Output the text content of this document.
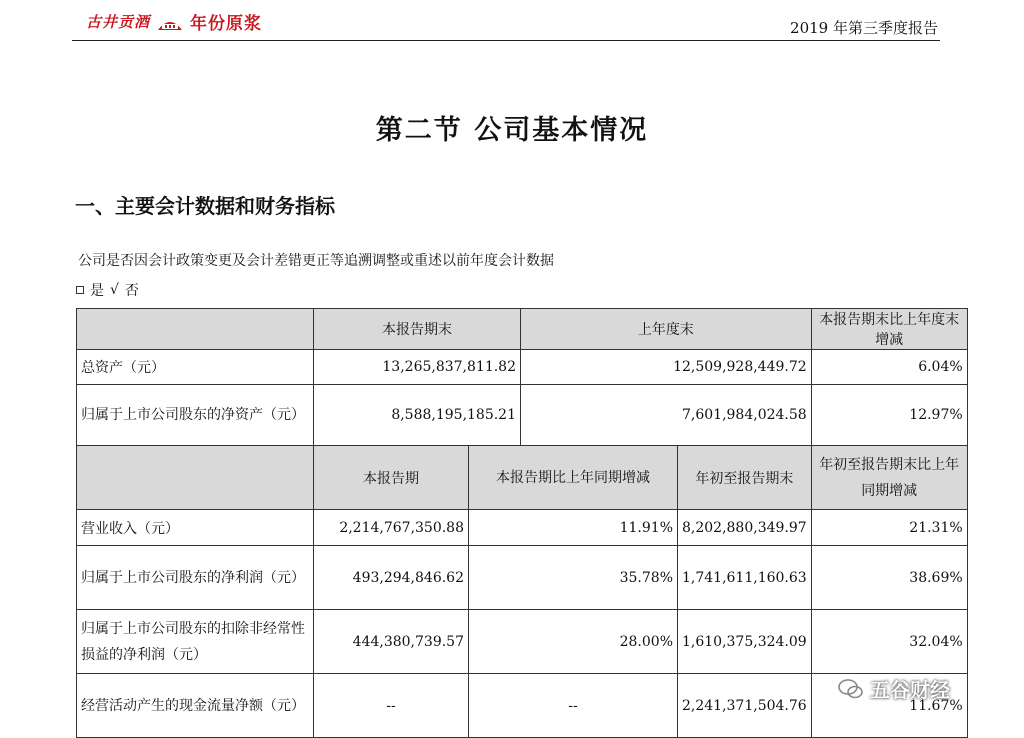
古井贡酒 年份原浆	2019 年第三季度报告
第二节 公司基本情况
一、主要会计数据和财务指标
公司是否因会计政策变更及会计差错更正等追溯调整或重述以前年度会计数据
是 √ 否
	本报告期末		上年度末		本报告期末比上年度末增减
总资产（元）	13,265,837,811.82		12,509,928,449.72		6.04%
归属于上市公司股东的净资产（元）	8,588,195,185.21		7,601,984,024.58		12.97%
	本报告期	本报告期比上年同期增减		年初至报告期末	年初至报告期末比上年同期增减
营业收入（元）	2,214,767,350.88	11.91%		8,202,880,349.97	21.31%
归属于上市公司股东的净利润（元）	493,294,846.62	35.78%		1,741,611,160.63	38.69%
归属于上市公司股东的扣除非经常性损益的净利润（元）	444,380,739.57	28.00%		1,610,375,324.09	32.04%
经营活动产生的现金流量净额（元）	--	--		2,241,371,504.76	11.67%
五谷财经
